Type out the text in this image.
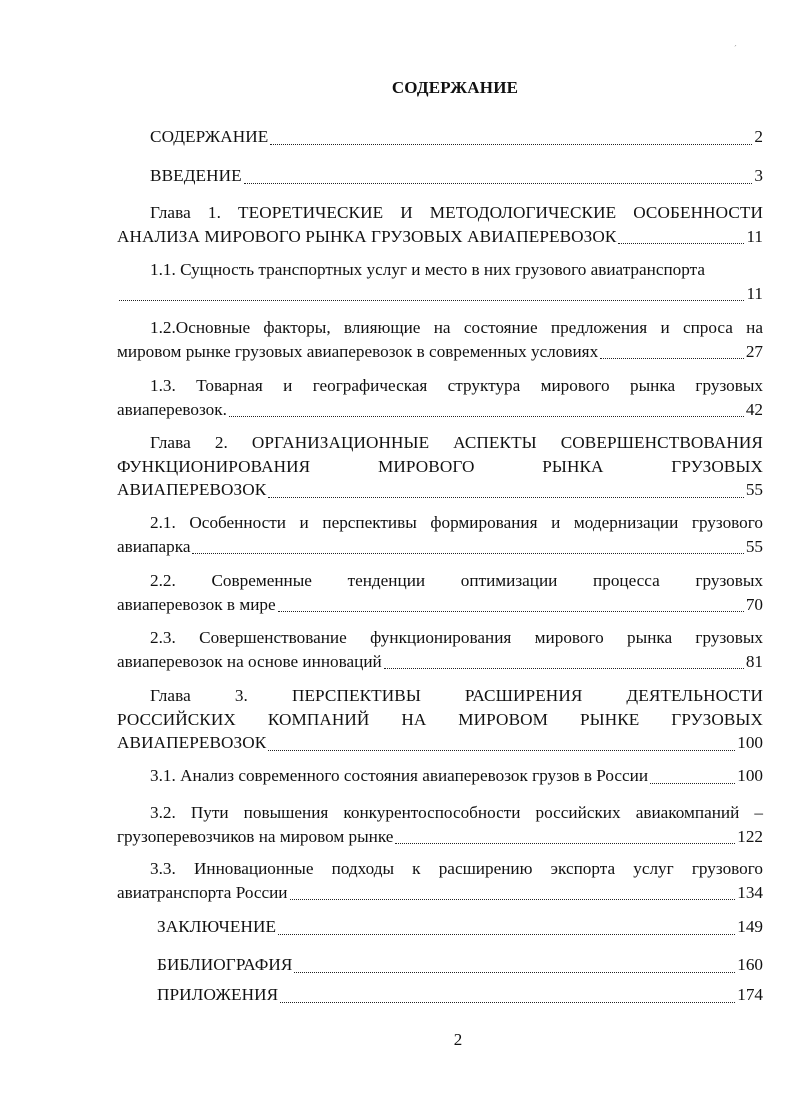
´
СОДЕРЖАНИЕ
СОДЕРЖАНИЕ	2
ВВЕДЕНИЕ	3
Глава 1. ТЕОРЕТИЧЕСКИЕ И МЕТОДОЛОГИЧЕСКИЕ ОСОБЕННОСТИ
АНАЛИЗА МИРОВОГО РЫНКА ГРУЗОВЫХ АВИАПЕРЕВОЗОК	11
1.1. Сущность транспортных услуг и место в них грузового авиатранспорта
11
1.2.Основные факторы, влияющие на состояние предложения и спроса на
мировом рынке грузовых авиаперевозок в современных условиях	27
1.3. Товарная и географическая структура мирового рынка грузовых
авиаперевозок.	42
Глава 2. ОРГАНИЗАЦИОННЫЕ АСПЕКТЫ СОВЕРШЕНСТВОВАНИЯ
ФУНКЦИОНИРОВАНИЯ МИРОВОГО РЫНКА ГРУЗОВЫХ
АВИАПЕРЕВОЗОК	55
2.1. Особенности и перспективы формирования и модернизации грузового
авиапарка	55
2.2. Современные тенденции оптимизации процесса грузовых
авиаперевозок в мире	70
2.3. Совершенствование функционирования мирового рынка грузовых
авиаперевозок на основе инноваций	81
Глава 3. ПЕРСПЕКТИВЫ РАСШИРЕНИЯ ДЕЯТЕЛЬНОСТИ
РОССИЙСКИХ КОМПАНИЙ НА МИРОВОМ РЫНКЕ ГРУЗОВЫХ
АВИАПЕРЕВОЗОК	100
3.1. Анализ современного состояния авиаперевозок грузов в России	100
3.2. Пути повышения конкурентоспособности российских авиакомпаний –
грузоперевозчиков на мировом рынке	122
3.3. Инновационные подходы к расширению экспорта услуг грузового
авиатранспорта России	134
ЗАКЛЮЧЕНИЕ	149
БИБЛИОГРАФИЯ	160
ПРИЛОЖЕНИЯ	174
2
